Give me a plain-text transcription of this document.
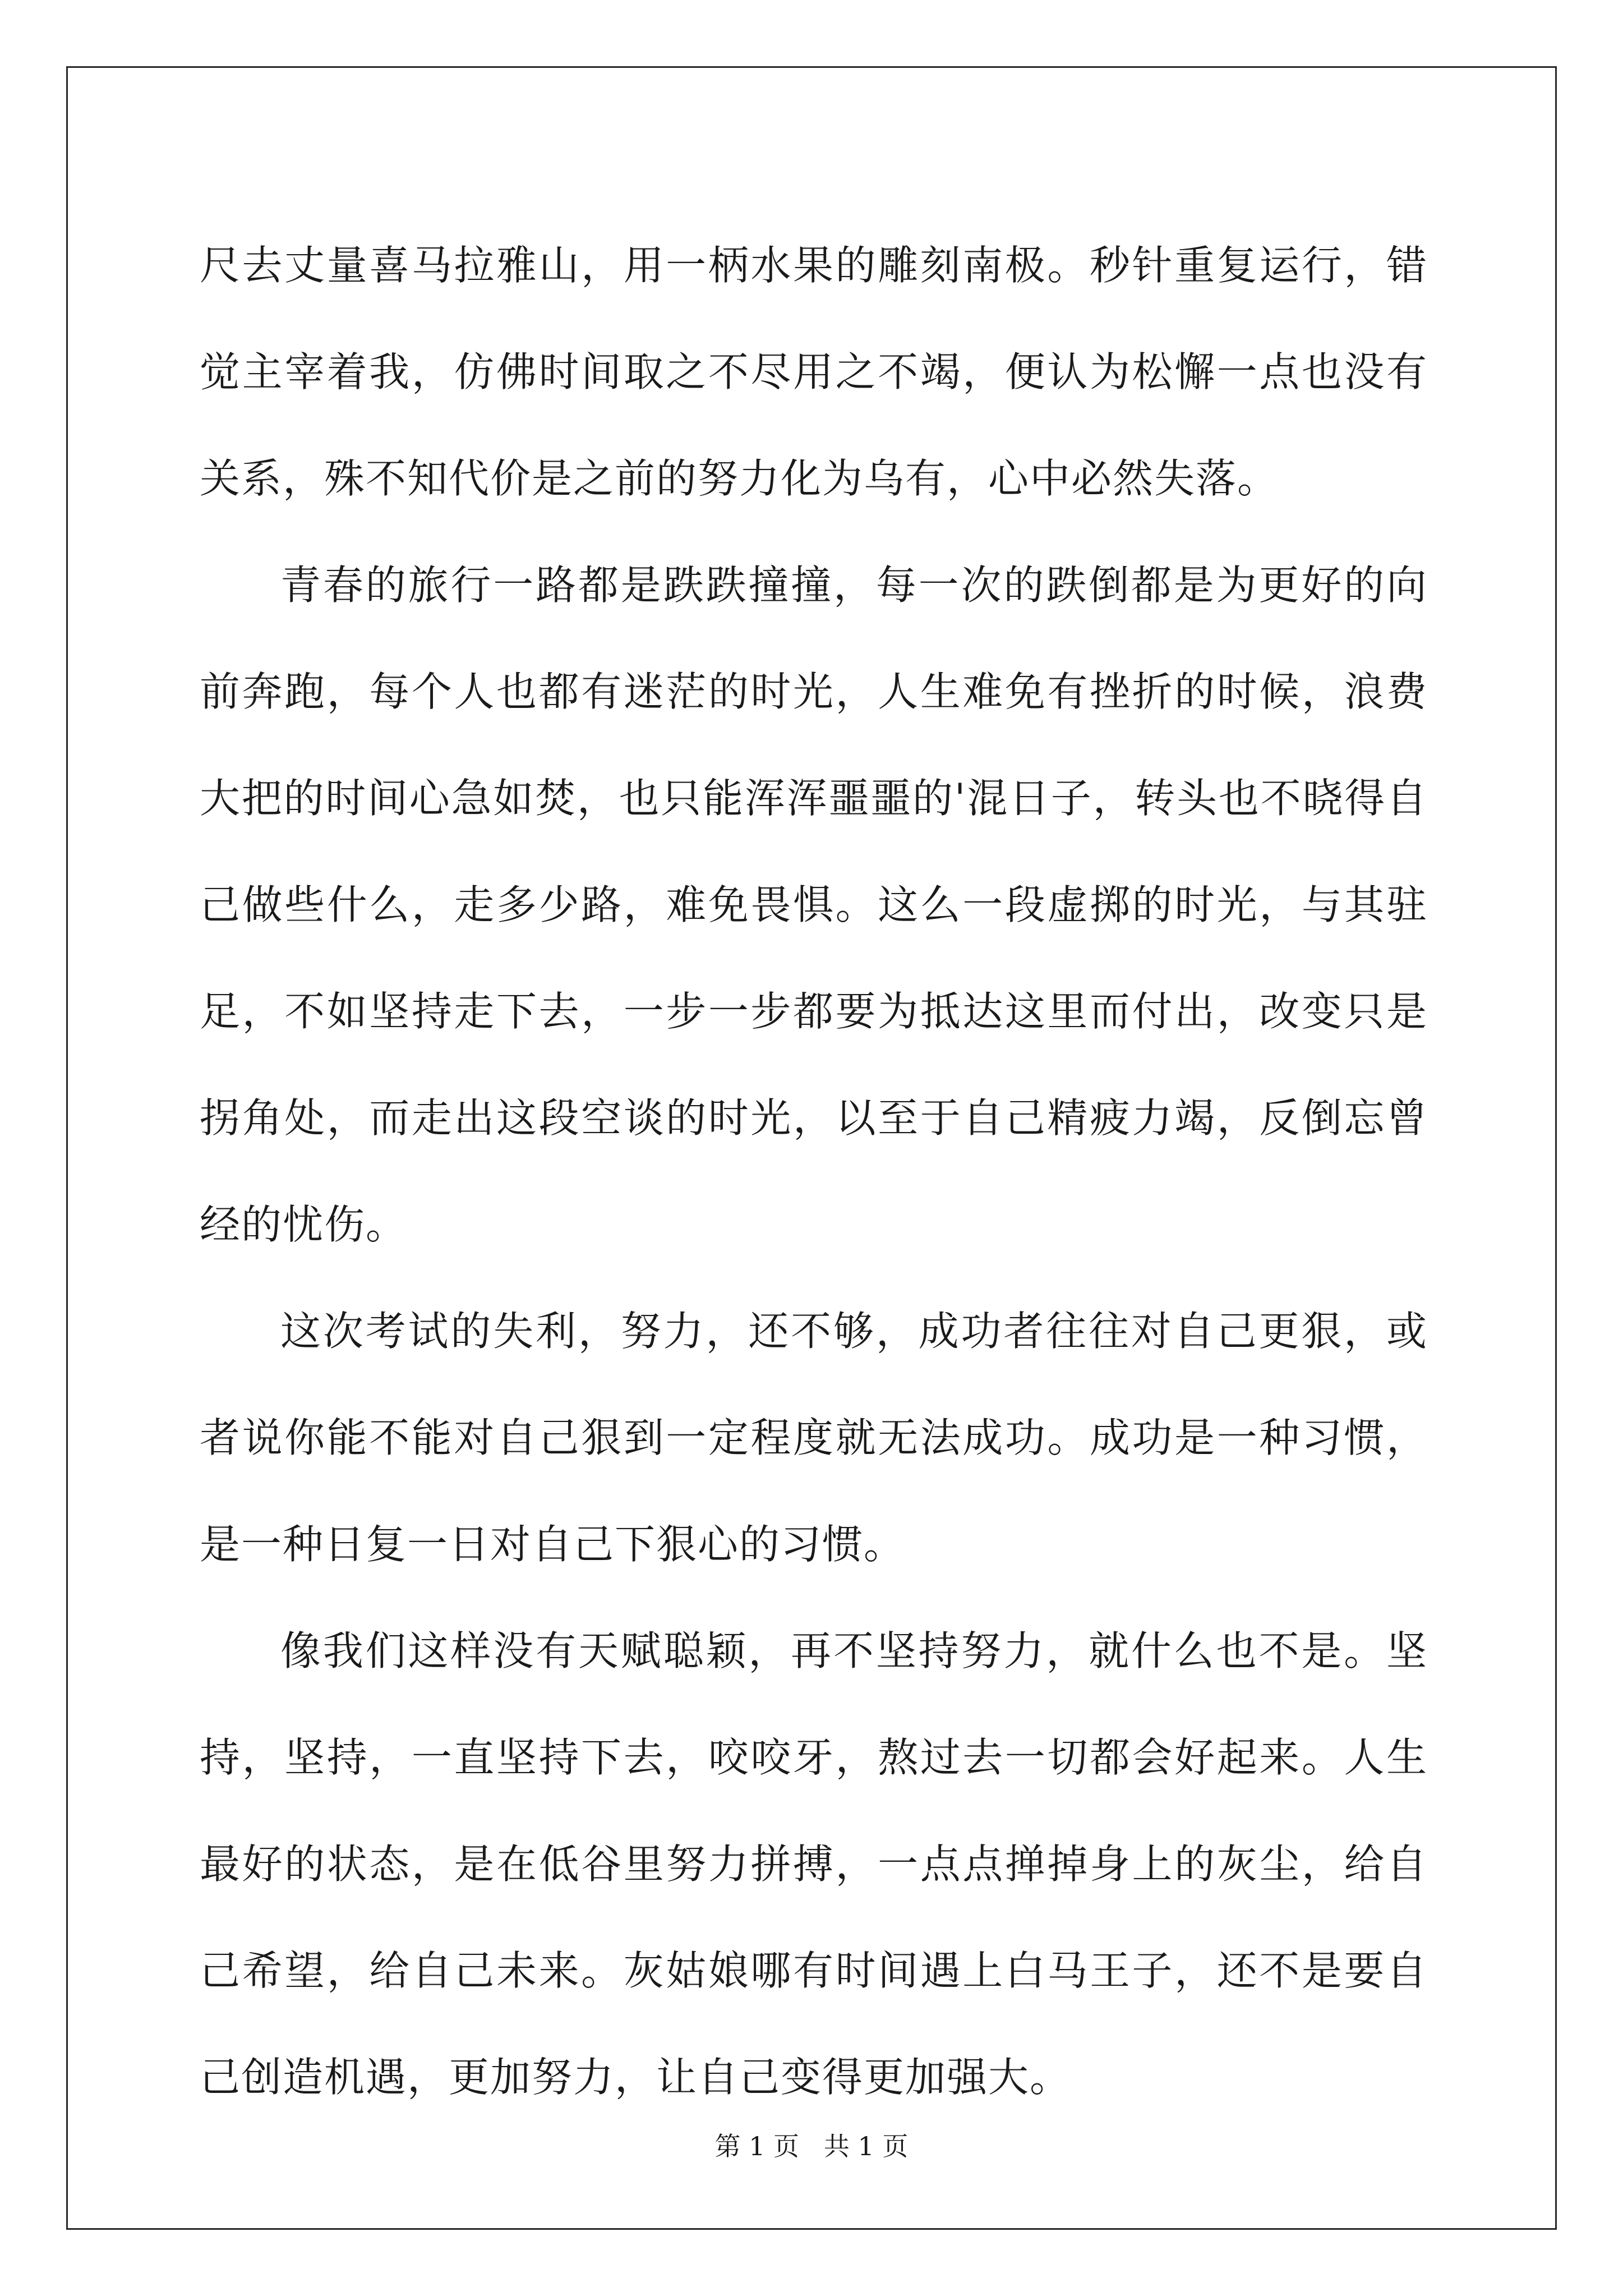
尺去丈量喜马拉雅山，用一柄水果的雕刻南极。秒针重复运行，错觉主宰着我，仿佛时间取之不尽用之不竭，便认为松懈一点也没有关系，殊不知代价是之前的努力化为乌有，心中必然失落。

青春的旅行一路都是跌跌撞撞，每一次的跌倒都是为更好的向前奔跑，每个人也都有迷茫的时光，人生难免有挫折的时候，浪费大把的时间心急如焚，也只能浑浑噩噩的'混日子，转头也不晓得自己做些什么，走多少路，难免畏惧。这么一段虚掷的时光，与其驻足，不如坚持走下去，一步一步都要为抵达这里而付出，改变只是拐角处，而走出这段空谈的时光，以至于自己精疲力竭，反倒忘曾经的忧伤。

这次考试的失利，努力，还不够，成功者往往对自己更狠，或者说你能不能对自己狠到一定程度就无法成功。成功是一种习惯，是一种日复一日对自己下狠心的习惯。

像我们这样没有天赋聪颖，再不坚持努力，就什么也不是。坚持，坚持，一直坚持下去，咬咬牙，熬过去一切都会好起来。人生最好的状态，是在低谷里努力拼搏，一点点掸掉身上的灰尘，给自己希望，给自己未来。灰姑娘哪有时间遇上白马王子，还不是要自己创造机遇，更加努力，让自己变得更加强大。

第 1 页   共 1 页
